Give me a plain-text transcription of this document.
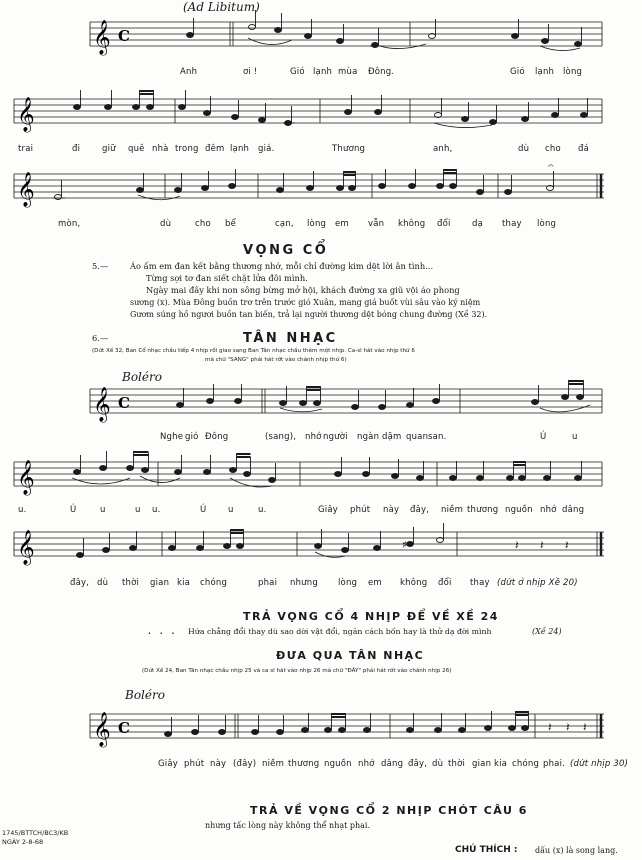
(Ad Libitum)
𝄞 C
Anh	ơi !	Gió lạnh mùa Đông.	Gió lạnh lòng
𝄞
trai	đi	giữ quê nhà trong đêm lạnh giá.	Thương	anh,	dù cho đá
𝄞
𝄐
mòn,	dù	cho bể	cạn, lòng em vẫn không đổi	dạ thay lòng
VỌNG CỔ
5.—	Áo ấm em đan kết bằng thương nhớ, mỗi chỉ đường kim dệt lời ân tình...
Từng sợi tơ đan siết chặt lửa đôi mình.
Ngày mai đây khi non sông bừng mở hội, khách đường xa giũ vội áo phong
sương (x). Mùa Đông buồn trơ trên trước gió Xuân, mang giá buốt vùi sâu vào ký niệm
Gươm súng hồ ngươi buồn tan biến, trả lại người thương dệt bóng chung đường (Xề 32).
6.—	TÂN NHẠC
(Dứt Xề 32, Ban Cổ nhạc chầu tiếp 4 nhịp rồi giao sang Ban Tân nhạc chầu thêm một nhịp. Ca-sĩ hát vào nhịp thứ 6
mà chữ "SANG" phải hát rớt vào chánh nhịp thứ 6)
Boléro
𝄞 C
Nghe gió Đông	(sang), nhớ người ngàn dặm quan san.	Ú	u
𝄞
u.	Ú	u	u u.	Ú	u	u.	Giây phút này đây, niềm thương nguồn nhớ dâng
𝄞	♯	𝄽 𝄽 𝄽
đây, dù thời gian kia chóng	phai nhưng lòng em không đổi thay (dứt ở nhịp Xề 20)
TRẢ VỌNG CỔ 4 NHỊP ĐỂ VỀ XỀ 24
. . . Hứa chẳng đổi thay dù sao dời vật đổi, ngăn cách bốn hay là thử dạ đời mình	(Xề 24)
ĐƯA QUA TÂN NHẠC
(Dứt Xề 24, Ban Tân nhạc chầu nhịp 25 và ca sĩ hát vào nhịp 26 mà chữ "ĐÂY" phải hát rớt vào chánh nhịp 26)
Boléro
𝄞 C	𝄽 𝄽 𝄽
Giây phút này (đây) niềm thương nguồn nhớ dâng đây, dù thời gian kia chóng phai. (dứt nhịp 30)
TRẢ VỀ VỌNG CỔ 2 NHỊP CHÓT CÂU 6
nhưng tấc lòng này không thể nhạt phai.
1745/BTTCH/BC3/KB
NGÀY 2-8-68
CHÚ THÍCH : dấu (x) là song lang.
